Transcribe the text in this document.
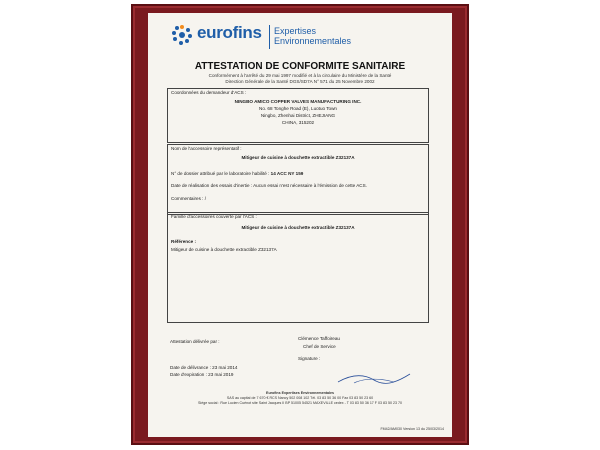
eurofins Expertises
Environnementales
ATTESTATION DE CONFORMITE SANITAIRE
Conformément à l'arrêté du 29 mai 1997 modifié et à la circulaire du Ministère de la Santé
Direction Générale de la Santé DGS/SD7A N° 571 du 25 Novembre 2002
Coordonnées du demandeur d'ACS :
NINGBO AMICO COPPER VALVES MANUFACTURING INC.
No. 68 Tonghe Road (E), Luotuo Town
Ningbo, Zhenhai District, ZHEJIANG
CHINA, 315202
Nom de l'accessoire représentatif :
Mitigeur de cuisine à douchette extractible Z32137A
N° de dossier attribué par le laboratoire habilité : 14 ACC NY 159
Date de réalisation des essais d'inertie : Aucun essai n'est nécessaire à l'émission de cette ACS.
Commentaires : /
Famille d'accessoires couverte par l'ACS :
Mitigeur de cuisine à douchette extractible Z32137A
Référence :
Mitigeur de cuisine à douchette extractible Z32137A
Attestation délivrée par :
Clémence Taffoireau
Chef de Service
Signature :
Date de délivrance : 23 mai 2014
Date d'expiration : 23 mai 2019
Eurofins Expertises Environnementales
SAS au capital de 7 670 € RCS Nancy 502 008 102 Tél. 03 83 50 36 00 Fax 03 83 50 23 60
Siège social : Rue Lucien Cuénot site Saint Jacques II BP 51005 54521 MAXEVILLE cedex - T 03 83 50 36 17 F 03 83 50 23 70
FM42/AM030 Version 13 du 25/03/2014
